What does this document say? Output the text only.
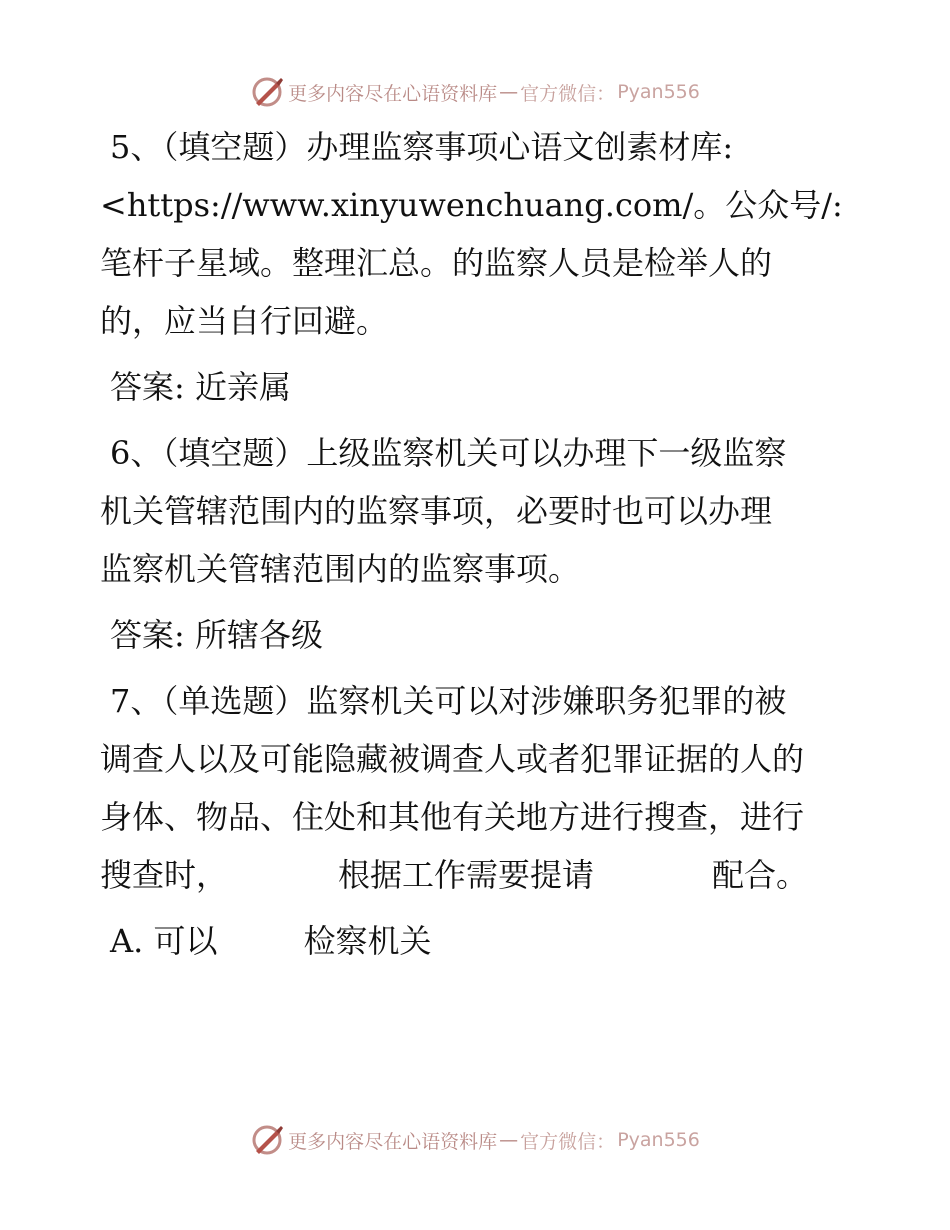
更多内容尽在心语资料库 — 官方微信： Pyan556

5、（填空题）办理监察事项心语文创素材库:

<https://www.xinyuwenchuang.com/。公众号/:

笔杆子星域。整理汇总。的监察人员是检举人的

的，应当自行回避。

答案: 近亲属

6、（填空题）上级监察机关可以办理下一级监察

机关管辖范围内的监察事项，必要时也可以办理

监察机关管辖范围内的监察事项。

答案: 所辖各级

7、（单选题）监察机关可以对涉嫌职务犯罪的被

调查人以及可能隐藏被调查人或者犯罪证据的人的

身体、物品、住处和其他有关地方进行搜查，进行

搜查时，	根据工作需要提请	配合。

A. 可以	检察机关

更多内容尽在心语资料库 — 官方微信： Pyan556
